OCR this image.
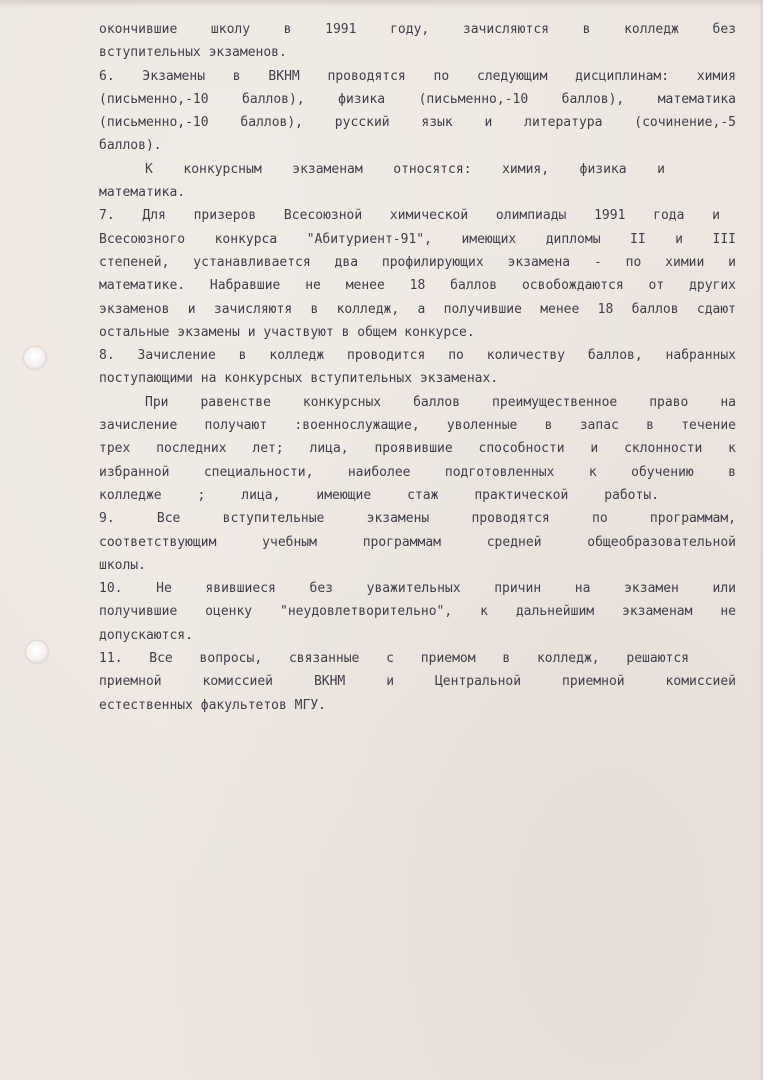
окончившие школу в 1991 году, зачисляются в колледж без
вступительных экзаменов.
6. Экзамены в ВКНМ проводятся по следующим дисциплинам: химия
(письменно,-10 баллов), физика (письменно,-10 баллов), математика
(письменно,-10 баллов), русский язык и литература (сочинение,-5
баллов).
К конкурсным экзаменам относятся: химия, физика и
математика.
7. Для призеров Всесоюзной химической олимпиады 1991 года и
Всесоюзного конкурса "Абитуриент-91", имеющих дипломы II и III
степеней, устанавливается два профилирующих экзамена - по химии и
математике. Набравшие не менее 18 баллов освобождаются от других
экзаменов и зачисляютя в колледж, а получившие менее 18 баллов сдают
остальные экзамены и участвуют в общем конкурсе.
8. Зачисление в колледж проводится по количеству баллов, набранных
поступающими на конкурсных вступительных экзаменах.
При равенстве конкурсных баллов преимущественное право на
зачисление получают :военнослужащие, уволенные в запас в течение
трех последних лет; лица, проявившие способности и склонности к
избранной специальности, наиболее подготовленных к обучению в
колледже ; лица, имеющие стаж практической работы.
9. Все вступительные экзамены проводятся по программам,
соответствующим учебным программам средней общеобразовательной
школы.
10. Не явившиеся без уважительных причин на экзамен или
получившие оценку "неудовлетворительно", к дальнейшим экзаменам не
допускаются.
11. Все вопросы, связанные с приемом в колледж, решаются
приемной комиссией ВКНМ и Центральной приемной комиссией
естественных факультетов МГУ.
